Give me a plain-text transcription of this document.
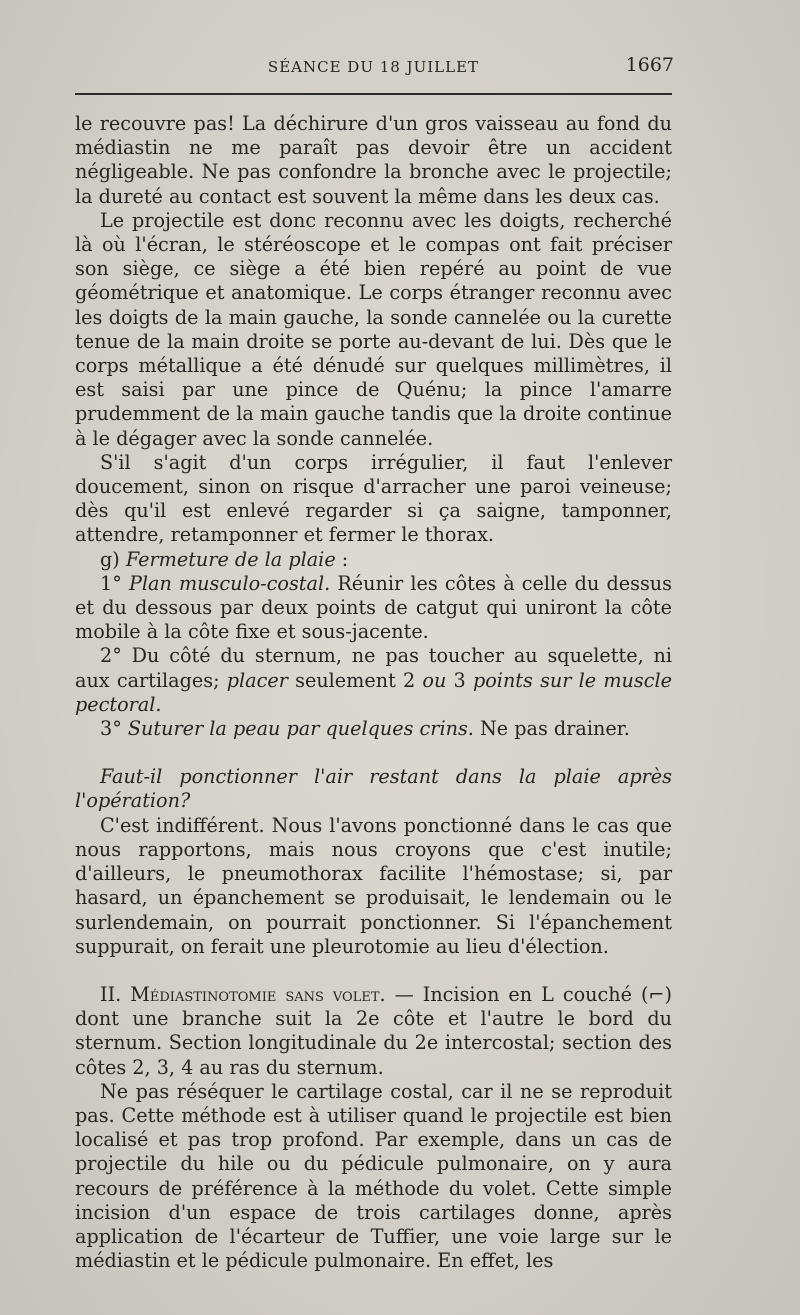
SÉANCE DU 18 JUILLET	1667

le recouvre pas! La déchirure d'un gros vaisseau au fond du médiastin ne me paraît pas devoir être un accident négligeable. Ne pas confondre la bronche avec le projectile; la dureté au contact est souvent la même dans les deux cas.

Le projectile est donc reconnu avec les doigts, recherché là où l'écran, le stéréoscope et le compas ont fait préciser son siège, ce siège a été bien repéré au point de vue géométrique et anatomique. Le corps étranger reconnu avec les doigts de la main gauche, la sonde cannelée ou la curette tenue de la main droite se porte au-devant de lui. Dès que le corps métallique a été dénudé sur quelques millimètres, il est saisi par une pince de Quénu; la pince l'amarre prudemment de la main gauche tandis que la droite continue à le dégager avec la sonde cannelée.

S'il s'agit d'un corps irrégulier, il faut l'enlever doucement, sinon on risque d'arracher une paroi veineuse; dès qu'il est enlevé regarder si ça saigne, tamponner, attendre, retamponner et fermer le thorax.

g) Fermeture de la plaie :

1° Plan musculo-costal. Réunir les côtes à celle du dessus et du dessous par deux points de catgut qui uniront la côte mobile à la côte fixe et sous-jacente.

2° Du côté du sternum, ne pas toucher au squelette, ni aux cartilages; placer seulement 2 ou 3 points sur le muscle pectoral.

3° Suturer la peau par quelques crins. Ne pas drainer.

Faut-il ponctionner l'air restant dans la plaie après l'opération?

C'est indifférent. Nous l'avons ponctionné dans le cas que nous rapportons, mais nous croyons que c'est inutile; d'ailleurs, le pneumothorax facilite l'hémostase; si, par hasard, un épanchement se produisait, le lendemain ou le surlendemain, on pourrait ponctionner. Si l'épanchement suppurait, on ferait une pleurotomie au lieu d'élection.

II. Médiastinotomie sans volet. — Incision en L couché (⌐) dont une branche suit la 2e côte et l'autre le bord du sternum. Section longitudinale du 2e intercostal; section des côtes 2, 3, 4 au ras du sternum.

Ne pas réséquer le cartilage costal, car il ne se reproduit pas. Cette méthode est à utiliser quand le projectile est bien localisé et pas trop profond. Par exemple, dans un cas de projectile du hile ou du pédicule pulmonaire, on y aura recours de préférence à la méthode du volet. Cette simple incision d'un espace de trois cartilages donne, après application de l'écarteur de Tuffier, une voie large sur le médiastin et le pédicule pulmonaire. En effet, les
